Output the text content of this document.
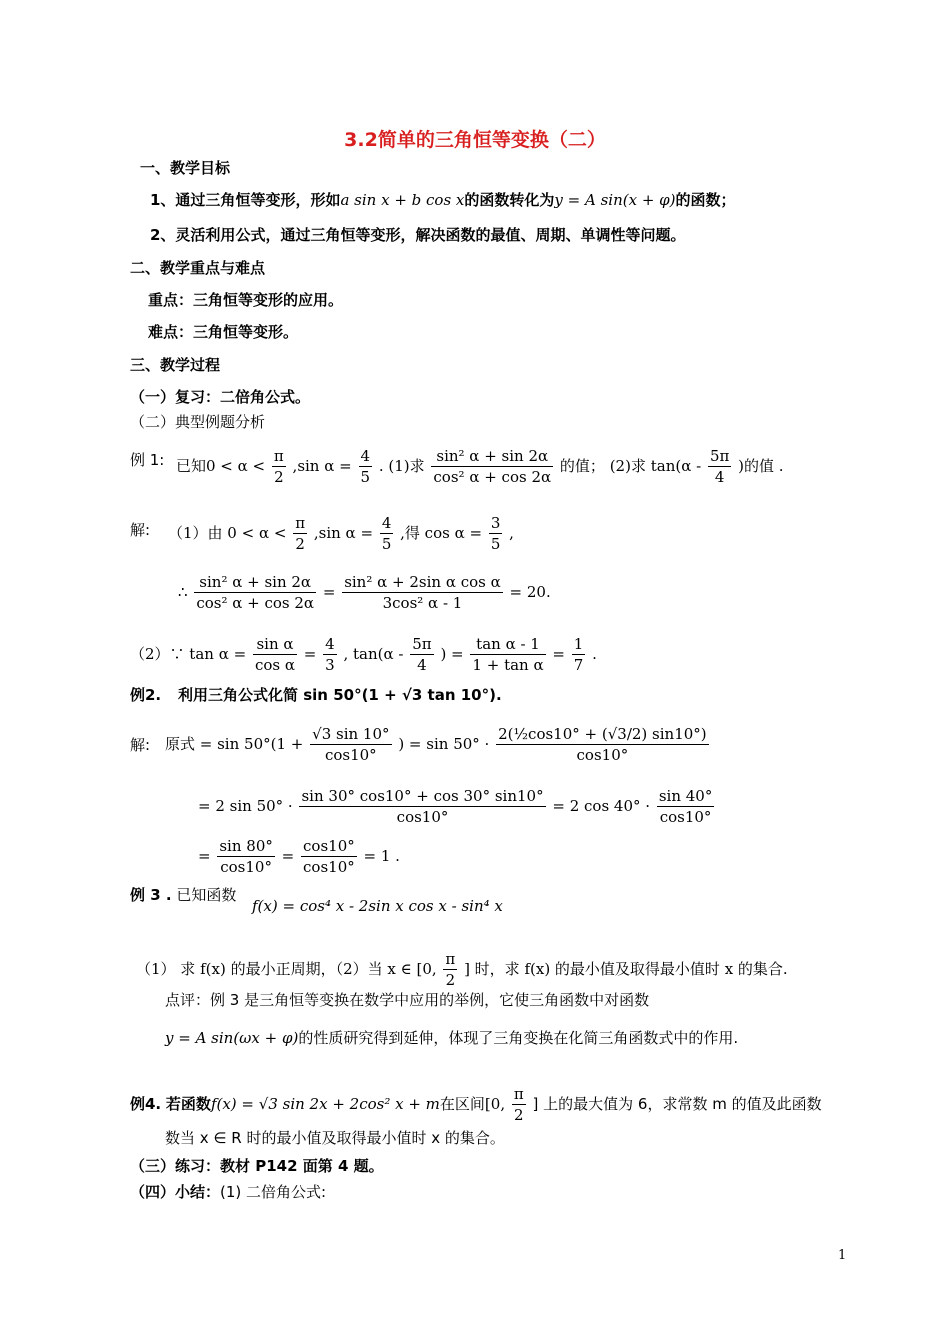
3.2简单的三角恒等变换（二）
一、教学目标
1、通过三角恒等变形，形如a sin x + b cos x的函数转化为y = A sin(x + φ)的函数；
2、灵活利用公式，通过三角恒等变形，解决函数的最值、周期、单调性等问题。
二、教学重点与难点
重点：三角恒等变形的应用。
难点：三角恒等变形。
三、教学过程
（一）复习：二倍角公式。
（二）典型例题分析
例 1: 已知$0 < \alpha < \frac{\pi}{2} ,\sin$ $\alpha = \frac{4}{5}$ . (1)求 $\frac{\text{sin² α + sin 2α}}{\text{cos² α + cos 2α}}$ 的值； (2)求 $\tan(\alpha - \frac{5\pi}{4}$ )的值 .
解: （1）由 $0 < \alpha < \frac{\pi}{2} ,\sin$ $\alpha = \frac{4}{5}$ ,得 $\cos \alpha = \frac{3}{5}$ ,
∴ $\frac{\text{sin² α + sin 2α}}{\text{cos² α + cos 2α}} = \frac{\text{sin² α + 2sin α cos α}}{\text{3cos² α - 1}} = 20$.
（2）∵ $\tan \alpha = \frac{\text{sin α}}{\text{cos α}} = \frac{4}{3}$ , $\tan(\alpha - \frac{5\pi}{4}$ ) = $\frac{\text{tan α - 1}}{\text{1 + tan α}} = \frac{1}{7}$ .
例2. 利用三角公式化简 sin 50°(1 + √3 tan 10°).
解: 原式 = $\sin 50^\circ(1 + \frac{√3 \sin 10^\circ}{\cos 10^\circ}$ ) = $\sin 50^\circ \cdot \frac{\text{2(½cos10° + (√3/2) sin10°)}}{\cos 10^\circ}$
= 2 $\sin 50^\circ \cdot \frac{\sin 30^\circ \cos 10^\circ + \cos 30^\circ \sin 10^\circ}{\cos 10^\circ} = 2$ $\cos 40^\circ \cdot \frac{\sin 40^\circ}{\cos 10^\circ}$
= $\frac{\sin 80^\circ}{\cos 10^\circ} = \frac{\cos 10^\circ}{\cos 10^\circ} = 1$ .
例 3 . 已知函数
f(x) = cos⁴ x - 2sin x cos x - sin⁴ x
（1） 求 f(x) 的最小正周期，（2）当 x ∈ [0, $\frac{\pi}{2}$ ] 时，求 f(x) 的最小值及取得最小值时 x 的集合.
点评：例 3 是三角恒等变换在数学中应用的举例，它使三角函数中对函数
y = A sin(ωx + φ)的性质研究得到延伸，体现了三角变换在化简三角函数式中的作用.
例4. 若函数f(x) = √3 sin 2x + 2cos² x + m在区间[0, $\frac{\pi}{2}$ ] 上的最大值为 6，求常数 m 的值及此函数
数当 x ∈ R 时的最小值及取得最小值时 x 的集合。
（三）练习：教材 P142 面第 4 题。
（四）小结：(1) 二倍角公式:
1
